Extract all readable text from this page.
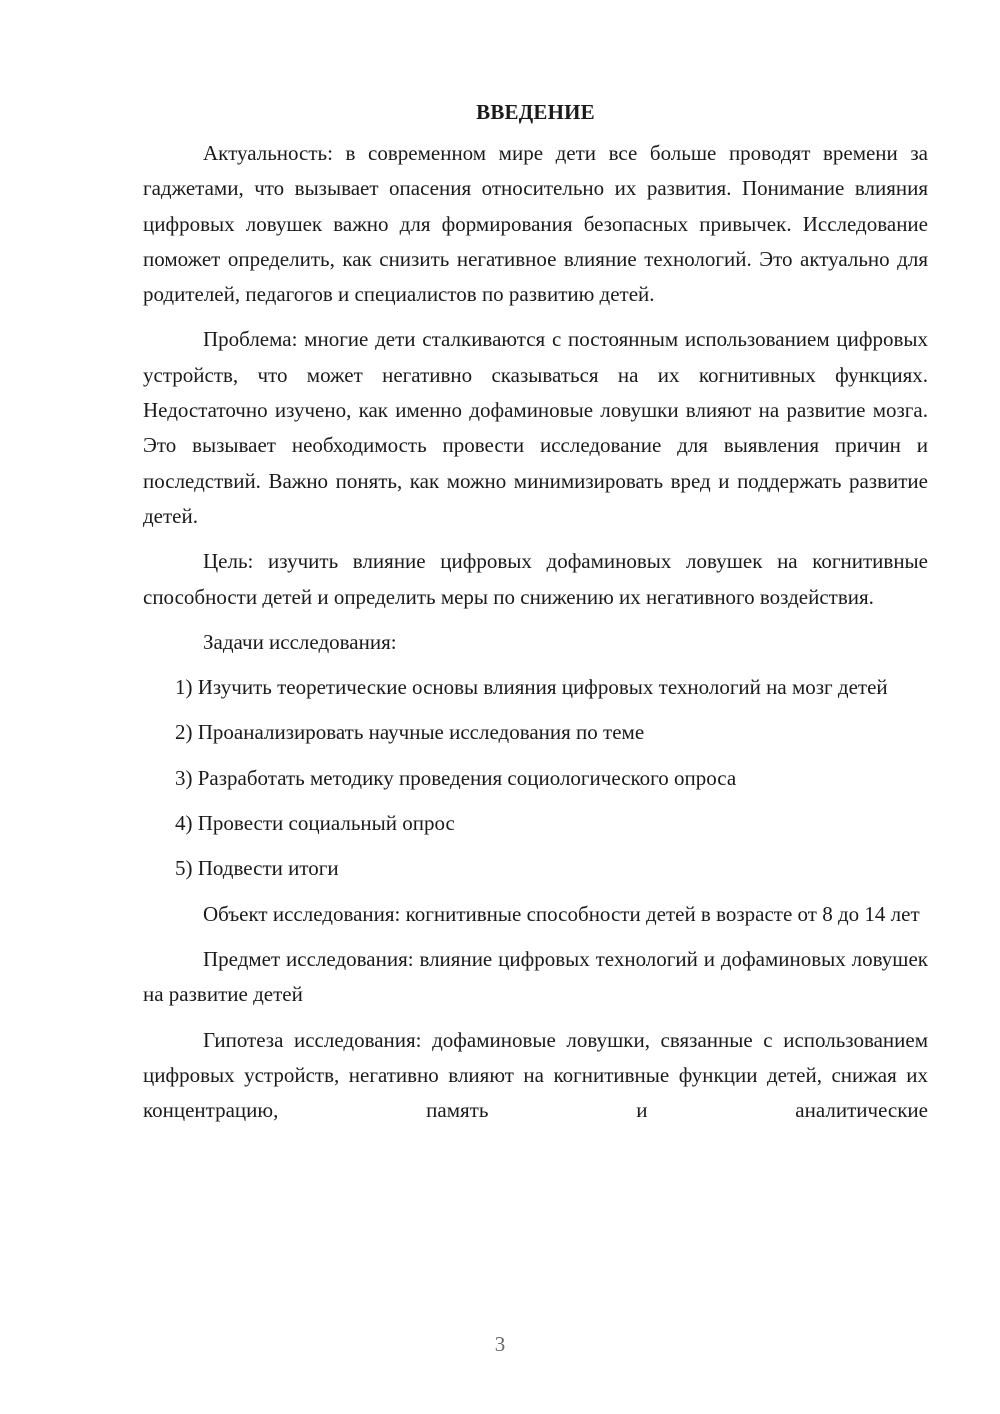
ВВЕДЕНИЕ

Актуальность: в современном мире дети все больше проводят времени за гаджетами, что вызывает опасения относительно их развития. Понимание влияния цифровых ловушек важно для формирования безопасных привычек. Исследование поможет определить, как снизить негативное влияние технологий. Это актуально для родителей, педагогов и специалистов по развитию детей.

Проблема: многие дети сталкиваются с постоянным использованием цифровых устройств, что может негативно сказываться на их когнитивных функциях. Недостаточно изучено, как именно дофаминовые ловушки влияют на развитие мозга. Это вызывает необходимость провести исследование для выявления причин и последствий. Важно понять, как можно минимизировать вред и поддержать развитие детей.

Цель: изучить влияние цифровых дофаминовых ловушек на когнитивные способности детей и определить меры по снижению их негативного воздействия.

Задачи исследования:

1) Изучить теоретические основы влияния цифровых технологий на мозг детей

2) Проанализировать научные исследования по теме

3) Разработать методику проведения социологического опроса

4) Провести социальный опрос

5) Подвести итоги

Объект исследования: когнитивные способности детей в возрасте от 8 до 14 лет

Предмет исследования: влияние цифровых технологий и дофаминовых ловушек на развитие детей

Гипотеза исследования: дофаминовые ловушки, связанные с использованием цифровых устройств, негативно влияют на когнитивные функции детей, снижая их концентрацию, память и аналитические

3
